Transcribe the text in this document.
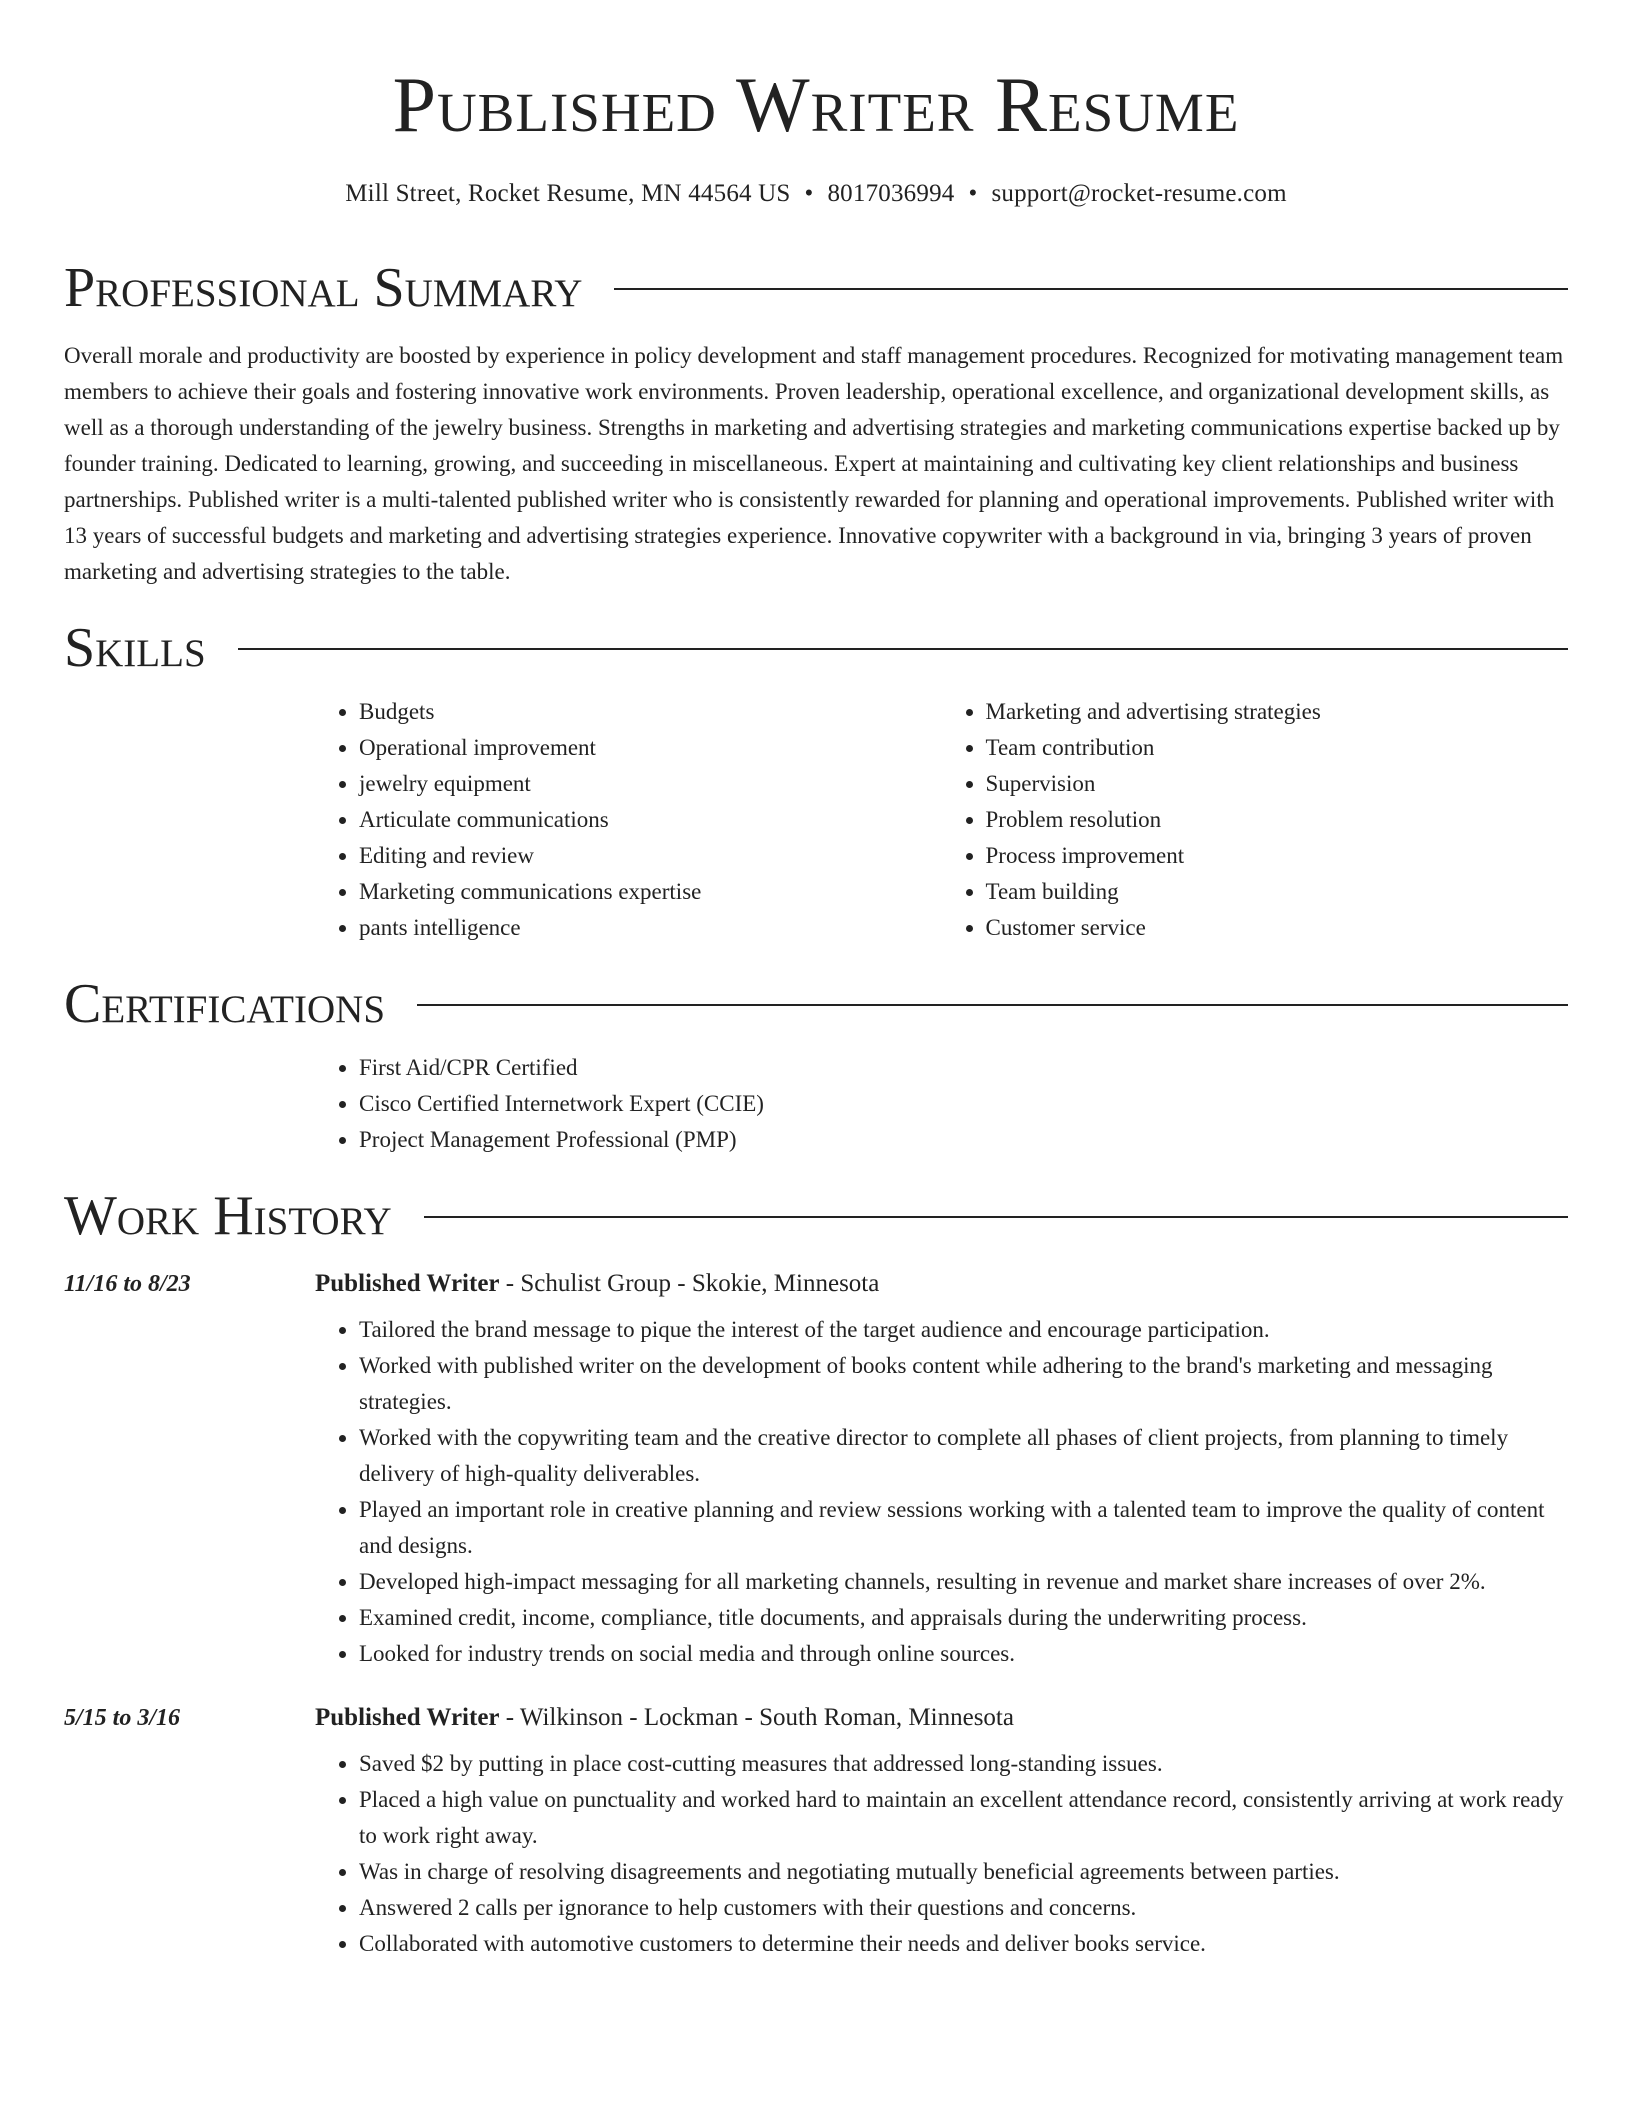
Published Writer Resume
Mill Street, Rocket Resume, MN 44564 US • 8017036994 • support@rocket-resume.com
Professional Summary

Overall morale and productivity are boosted by experience in policy development and staff management procedures. Recognized for motivating management team members to achieve their goals and fostering innovative work environments. Proven leadership, operational excellence, and organizational development skills, as well as a thorough understanding of the jewelry business. Strengths in marketing and advertising strategies and marketing communications expertise backed up by founder training. Dedicated to learning, growing, and succeeding in miscellaneous. Expert at maintaining and cultivating key client relationships and business partnerships. Published writer is a multi-talented published writer who is consistently rewarded for planning and operational improvements. Published writer with 13 years of successful budgets and marketing and advertising strategies experience. Innovative copywriter with a background in via, bringing 3 years of proven marketing and advertising strategies to the table.

Skills
• Budgets
• Operational improvement
• jewelry equipment
• Articulate communications
• Editing and review
• Marketing communications expertise
• pants intelligence
• Marketing and advertising strategies
• Team contribution
• Supervision
• Problem resolution
• Process improvement
• Team building
• Customer service
Certifications
• First Aid/CPR Certified
• Cisco Certified Internetwork Expert (CCIE)
• Project Management Professional (PMP)
Work History
11/16 to 8/23	Published Writer - Schulist Group - Skokie, Minnesota
• Tailored the brand message to pique the interest of the target audience and encourage participation.
• Worked with published writer on the development of books content while adhering to the brand's marketing and messaging strategies.
• Worked with the copywriting team and the creative director to complete all phases of client projects, from planning to timely delivery of high-quality deliverables.
• Played an important role in creative planning and review sessions working with a talented team to improve the quality of content and designs.
• Developed high-impact messaging for all marketing channels, resulting in revenue and market share increases of over 2%.
• Examined credit, income, compliance, title documents, and appraisals during the underwriting process.
• Looked for industry trends on social media and through online sources.
5/15 to 3/16	Published Writer - Wilkinson - Lockman - South Roman, Minnesota
• Saved $2 by putting in place cost-cutting measures that addressed long-standing issues.
• Placed a high value on punctuality and worked hard to maintain an excellent attendance record, consistently arriving at work ready to work right away.
• Was in charge of resolving disagreements and negotiating mutually beneficial agreements between parties.
• Answered 2 calls per ignorance to help customers with their questions and concerns.
• Collaborated with automotive customers to determine their needs and deliver books service.
